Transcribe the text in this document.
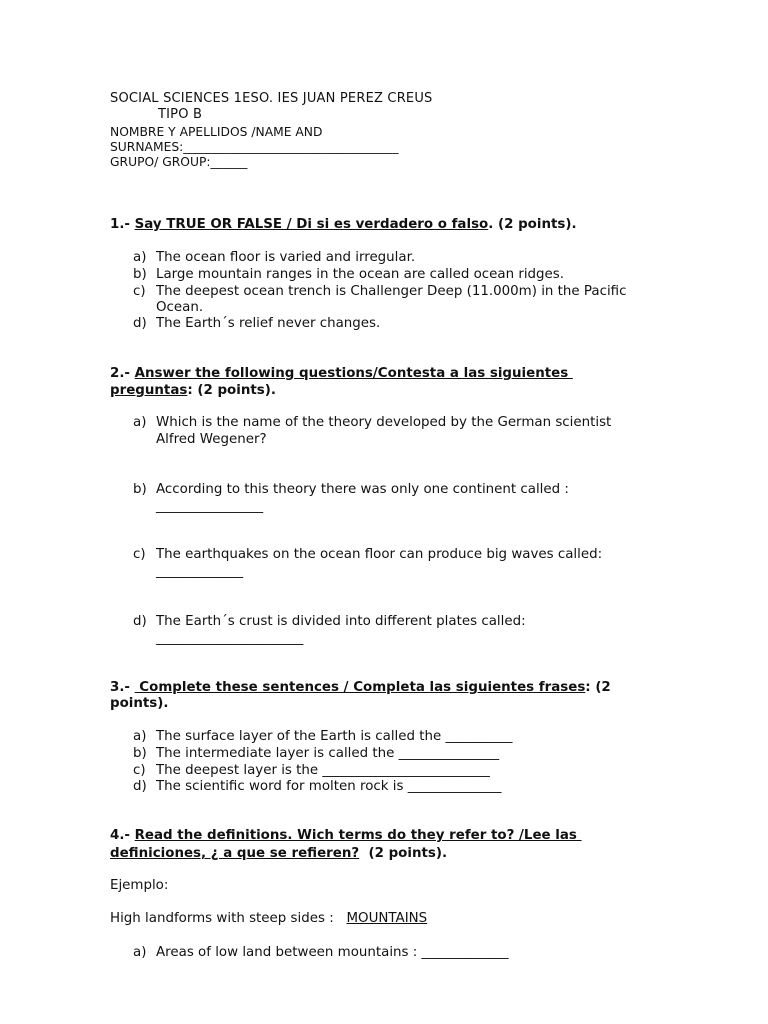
SOCIAL SCIENCES 1ESO. IES JUAN PEREZ CREUS
TIPO B
NOMBRE Y APELLIDOS /NAME AND
SURNAMES:___________________________________
GRUPO/ GROUP:______
1.- Say TRUE OR FALSE / Di si es verdadero o falso. (2 points).
a) The ocean floor is varied and irregular.
b) Large mountain ranges in the ocean are called ocean ridges.
c) The deepest ocean trench is Challenger Deep (11.000m) in the Pacific
Ocean.
d) The Earth´s relief never changes.
2.- Answer the following questions/Contesta a las siguientes
preguntas: (2 points).
a) Which is the name of the theory developed by the German scientist
Alfred Wegener?
b) According to this theory there was only one continent called :
________________
c) The earthquakes on the ocean floor can produce big waves called:
_____________
d) The Earth´s crust is divided into different plates called:
______________________
3.-  Complete these sentences / Completa las siguientes frases: (2
points).
a) The surface layer of the Earth is called the __________
b) The intermediate layer is called the _______________
c) The deepest layer is the _________________________
d) The scientific word for molten rock is ______________
4.- Read the definitions. Wich terms do they refer to? /Lee las
definiciones, ¿ a que se refieren?  (2 points).
Ejemplo:
High landforms with steep sides :   MOUNTAINS
a) Areas of low land between mountains : _____________
